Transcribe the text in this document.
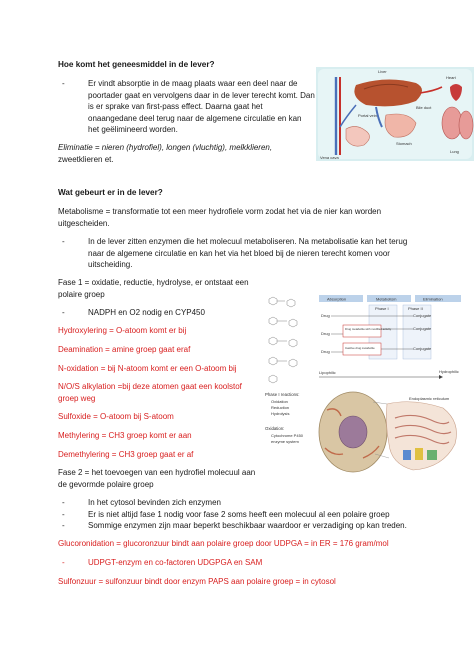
Hoe komt het geneesmiddel in de lever?
-	Er vindt absorptie in de maag plaats waar een deel naar de
poortader gaat en vervolgens daar in de lever terecht komt. Dan
is er sprake van first-pass effect. Daarna gaat het
onaangedane deel terug naar de algemene circulatie en kan
het geëlimineerd worden.
Eliminatie = nieren (hydrofiel), longen (vluchtig), melkklieren,
zweetklieren et.
Liver
Stomach
Portal vein
Bile duct
Vena cava
Heart
Lung
Wat gebeurt er in de lever?
Metabolisme = transformatie tot een meer hydrofiele vorm zodat het via de nier kan worden
uitgescheiden.
-	In de lever zitten enzymen die het molecuul metaboliseren. Na metabolisatie kan het terug
naar de algemene circulatie en kan het via het bloed bij de nieren terecht komen voor
uitscheiding.
Fase 1 = oxidatie, reductie, hydrolyse, er ontstaat een
polaire groep
-	NADPH en O2 nodig en CYP450
Hydroxylering = O-atoom komt er bij
Deamination = amine groep gaat eraf
N-oxidation = bij N-atoom komt er een O-atoom bij
N/O/S alkylation =bij deze atomen gaat een koolstof
groep weg
Sulfoxide = O-atoom bij S-atoom
Methylering = CH3 groep komt er aan
Demethylering = CH3 groep gaat er af
Fase 2 = het toevoegen van een hydrofiel molecuul aan
de gevormde polaire groep
-	In het cytosol bevinden zich enzymen
-	Er is niet altijd fase 1 nodig voor fase 2 soms heeft een molecuul al een polaire groep
-	Sommige enzymen zijn maar beperkt beschikbaar waardoor er verzadiging op kan treden.
Glucoronidation = glucoronzuur bindt aan polaire groep door UDPGA = in ER = 176 gram/mol
-	UDPGT-enzym en co-factoren UDGPGA en SAM
Sulfonzuur = sulfonzuur bindt door enzym PAPS aan polaire groep = in cytosol
Absorption	Metabolism	Elimination
Phase I	Phase II
Drug
Drug
Drug
Drug metabolite with modified activity
Inactive drug metabolite
Conjugate
Conjugate
Conjugate
Lipophilic	Hydrophilic
Endoplasmic reticulum
Phase I reactions:
Oxidation
Reduction
Hydrolysis
Oxidation:
Cytochrome P450
enzyme system
